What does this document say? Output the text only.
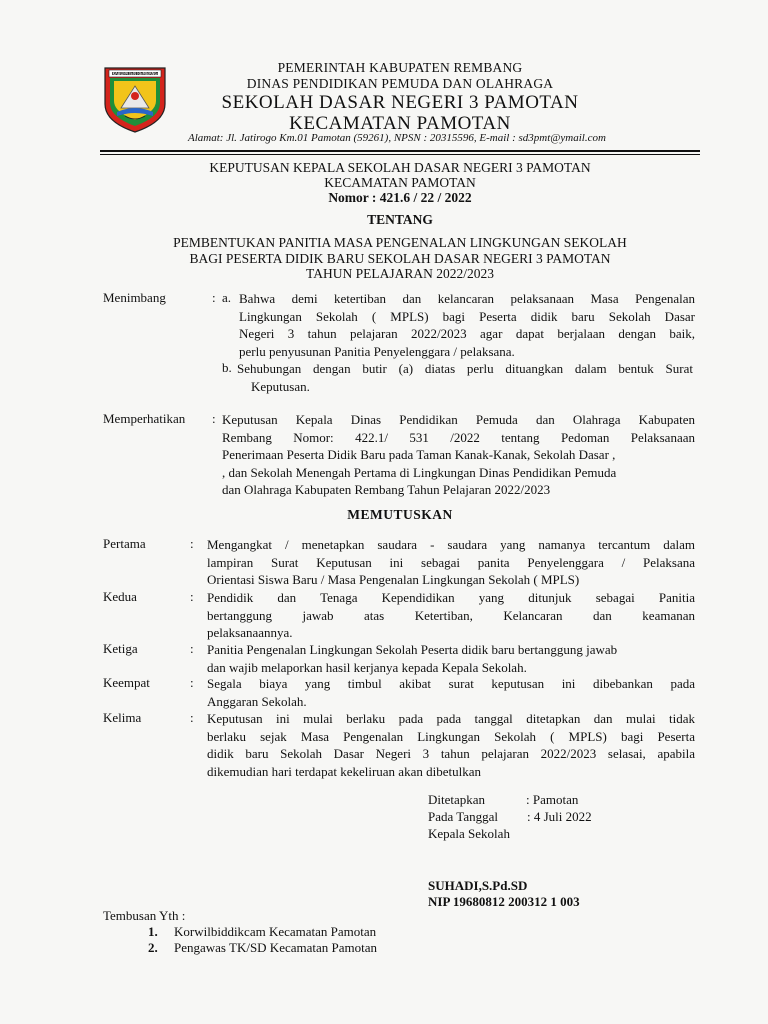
KABUPATEN REMBANG	PEMERINTAH KABUPATEN REMBANG
DINAS PENDIDIKAN PEMUDA DAN OLAHRAGA
SEKOLAH DASAR NEGERI 3 PAMOTAN
KECAMATAN PAMOTAN
Alamat: Jl. Jatirogo Km.01 Pamotan (59261), NPSN : 20315596, E-mail : sd3pmt@ymail.com
KEPUTUSAN KEPALA SEKOLAH DASAR NEGERI 3 PAMOTAN
KECAMATAN PAMOTAN
Nomor : 421.6 / 22 / 2022
TENTANG
PEMBENTUKAN PANITIA MASA PENGENALAN LINGKUNGAN SEKOLAH
BAGI PESERTA DIDIK BARU SEKOLAH DASAR NEGERI 3 PAMOTAN
TAHUN PELAJARAN 2022/2023
Menimbang	: a. Bahwa demi ketertiban dan kelancaran pelaksanaan Masa Pengenalan
Lingkungan Sekolah ( MPLS) bagi Peserta didik baru Sekolah Dasar
Negeri 3 tahun pelajaran 2022/2023 agar dapat berjalaan dengan baik,
perlu penyusunan Panitia Penyelenggara / pelaksana.
b. Sehubungan dengan butir (a) diatas perlu dituangkan dalam bentuk Surat
Keputusan.
Memperhatikan : Keputusan Kepala Dinas Pendidikan Pemuda dan Olahraga Kabupaten
Rembang Nomor: 422.1/ 531 /2022 tentang Pedoman Pelaksanaan
Penerimaan Peserta Didik Baru pada Taman Kanak-Kanak, Sekolah Dasar ,
, dan Sekolah Menengah Pertama di Lingkungan Dinas Pendidikan Pemuda
dan Olahraga Kabupaten Rembang Tahun Pelajaran 2022/2023
MEMUTUSKAN
Pertama	: Mengangkat / menetapkan saudara - saudara yang namanya tercantum dalam
lampiran Surat Keputusan ini sebagai panita Penyelenggara / Pelaksana
Orientasi Siswa Baru / Masa Pengenalan Lingkungan Sekolah ( MPLS)
Kedua	: Pendidik dan Tenaga Kependidikan yang ditunjuk sebagai Panitia
bertanggung jawab atas Ketertiban, Kelancaran dan keamanan
pelaksanaannya.
Ketiga	: Panitia Pengenalan Lingkungan Sekolah Peserta didik baru bertanggung jawab
dan wajib melaporkan hasil kerjanya kepada Kepala Sekolah.
Keempat	: Segala biaya yang timbul akibat surat keputusan ini dibebankan pada
Anggaran Sekolah.
Kelima	: Keputusan ini mulai berlaku pada pada tanggal ditetapkan dan mulai tidak
berlaku sejak Masa Pengenalan Lingkungan Sekolah ( MPLS) bagi Peserta
didik baru Sekolah Dasar Negeri 3 tahun pelajaran 2022/2023 selasai, apabila
dikemudian hari terdapat kekeliruan akan dibetulkan
Ditetapkan	: Pamotan
Pada Tanggal : 4 Juli 2022
Kepala Sekolah
SUHADI,S.Pd.SD
NIP 19680812 200312 1 003
Tembusan Yth :
1. Korwilbiddikcam Kecamatan Pamotan
2. Pengawas TK/SD Kecamatan Pamotan
